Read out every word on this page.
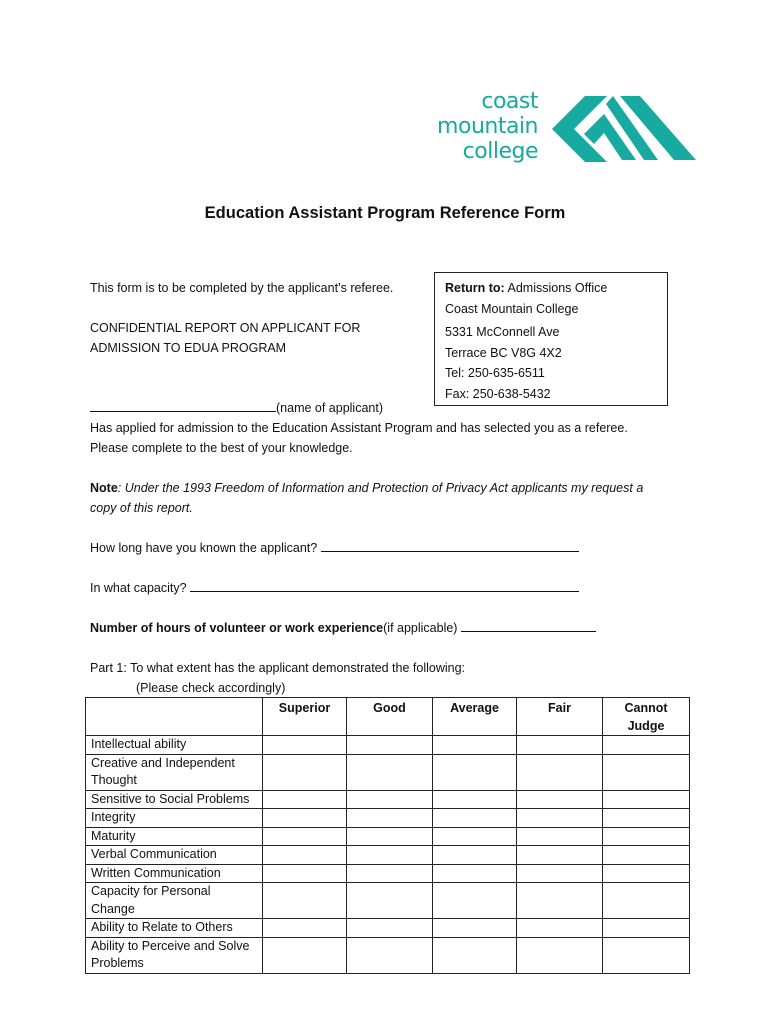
coast
mountain
college
Education Assistant Program Reference Form
This form is to be completed by the applicant’s referee.
CONFIDENTIAL REPORT ON APPLICANT FOR
ADMISSION TO EDUA PROGRAM
Return to: Admissions Office
Coast Mountain College
5331 McConnell Ave
Terrace BC V8G 4X2
Tel: 250-635-6511
Fax: 250-638-5432
(name of applicant)
Has applied for admission to the Education Assistant Program and has selected you as a referee.
Please complete to the best of your knowledge.
Note: Under the 1993 Freedom of Information and Protection of Privacy Act applicants my request a
copy of this report.
How long have you known the applicant?
In what capacity?
Number of hours of volunteer or work experience(if applicable)
Part 1: To what extent has the applicant demonstrated the following:
(Please check accordingly)
	Superior	Good	Average	Fair	Cannot Judge
Intellectual ability					
Creative and Independent Thought					
Sensitive to Social Problems					
Integrity					
Maturity					
Verbal Communication					
Written Communication					
Capacity for Personal Change					
Ability to Relate to Others					
Ability to Perceive and Solve Problems					
